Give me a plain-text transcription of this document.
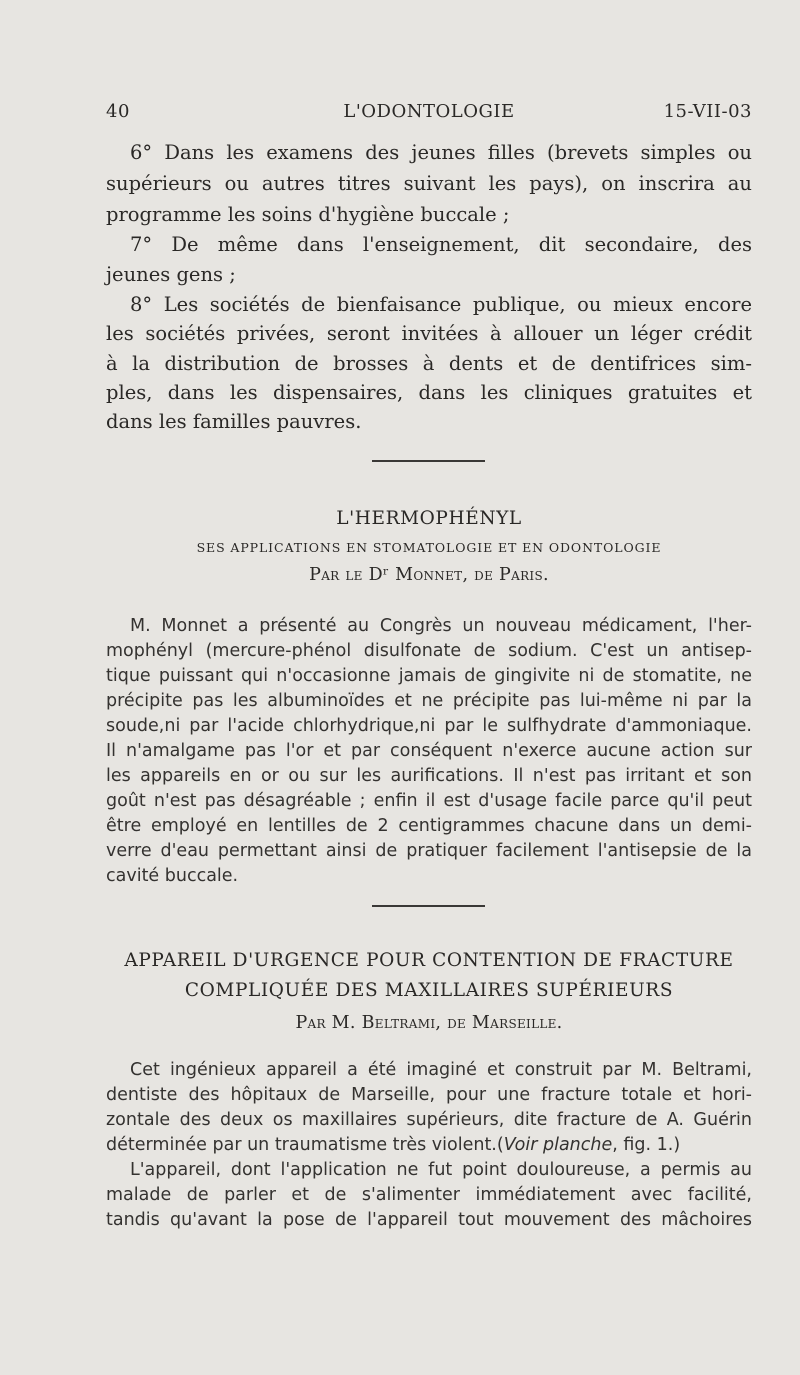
40	L'ODONTOLOGIE	15-VII-03

6° Dans les examens des jeunes filles (brevets simples ou

supérieurs ou autres titres suivant les pays), on inscrira au

programme les soins d'hygiène buccale ;

7° De même dans l'enseignement, dit secondaire, des

jeunes gens ;

8° Les sociétés de bienfaisance publique, ou mieux encore

les sociétés privées, seront invitées à allouer un léger crédit

à la distribution de brosses à dents et de dentifrices sim-

ples, dans les dispensaires, dans les cliniques gratuites et

dans les familles pauvres.

L'HERMOPHÉNYL

SES APPLICATIONS EN STOMATOLOGIE ET EN ODONTOLOGIE

Par le Dʳ Monnet, de Paris.

M. Monnet a présenté au Congrès un nouveau médicament, l'her-

mophényl (mercure-phénol disulfonate de sodium. C'est un antisep-

tique puissant qui n'occasionne jamais de gingivite ni de stomatite, ne

précipite pas les albuminoïdes et ne précipite pas lui-même ni par la

soude,ni par l'acide chlorhydrique,ni par le sulfhydrate d'ammoniaque.

Il n'amalgame pas l'or et par conséquent n'exerce aucune action sur

les appareils en or ou sur les aurifications. Il n'est pas irritant et son

goût n'est pas désagréable ; enfin il est d'usage facile parce qu'il peut

être employé en lentilles de 2 centigrammes chacune dans un demi-

verre d'eau permettant ainsi de pratiquer facilement l'antisepsie de la

cavité buccale.

APPAREIL D'URGENCE POUR CONTENTION DE FRACTURE

COMPLIQUÉE DES MAXILLAIRES SUPÉRIEURS

Par M. Beltrami, de Marseille.

Cet ingénieux appareil a été imaginé et construit par M. Beltrami,

dentiste des hôpitaux de Marseille, pour une fracture totale et hori-

zontale des deux os maxillaires supérieurs, dite fracture de A. Guérin

déterminée par un traumatisme très violent.(Voir planche, fig. 1.)

L'appareil, dont l'application ne fut point douloureuse, a permis au

malade de parler et de s'alimenter immédiatement avec facilité,

tandis qu'avant la pose de l'appareil tout mouvement des mâchoires
